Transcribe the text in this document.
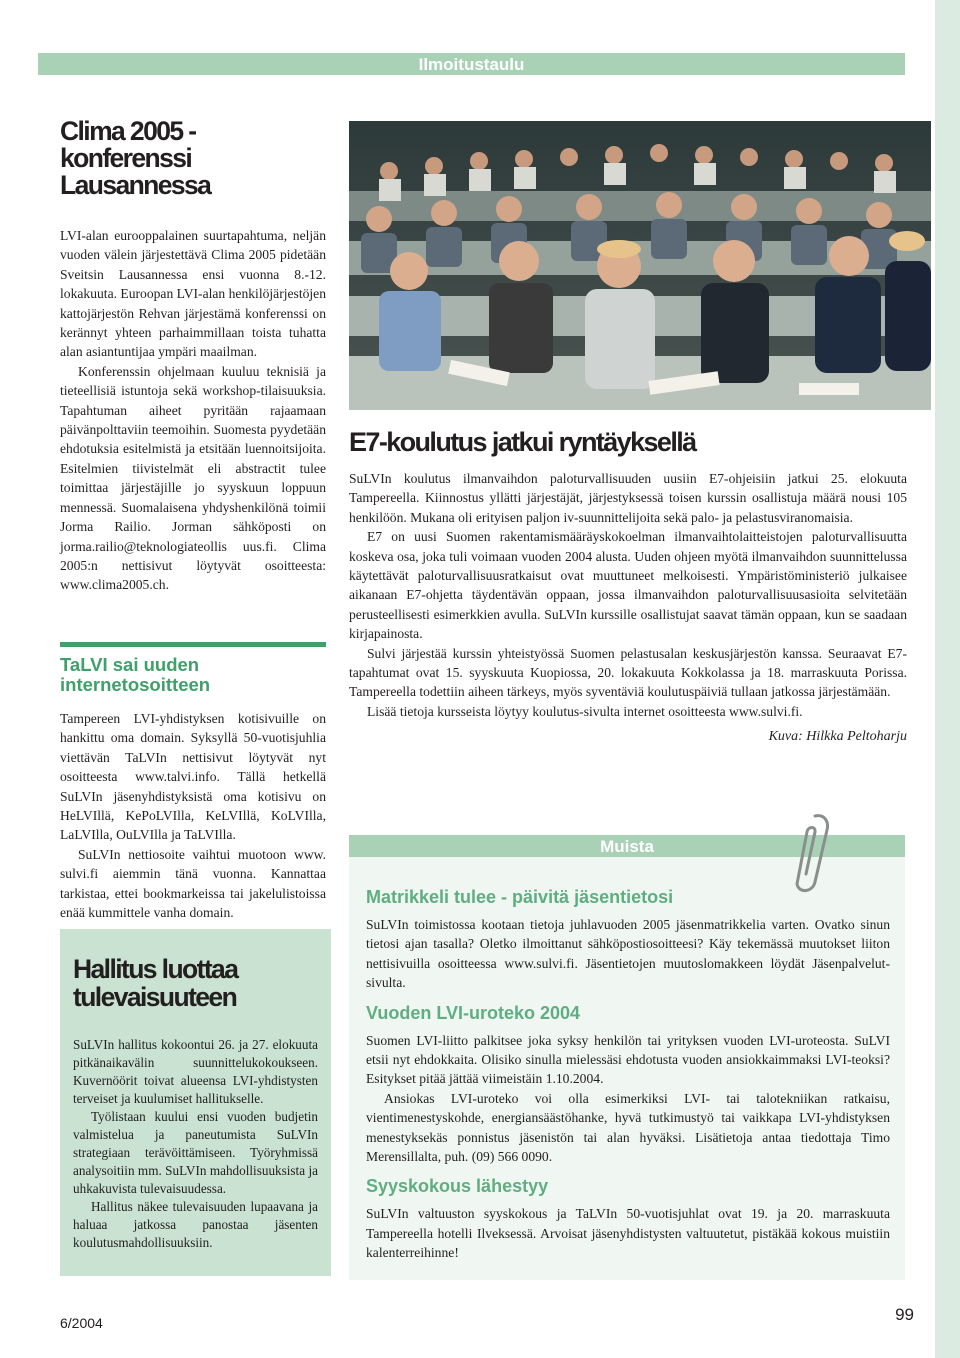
Ilmoitustaulu
Clima 2005 - konferenssi Lausannessa

LVI-alan eurooppalainen suurtapahtuma, neljän vuoden välein järjestettävä Clima 2005 pidetään Sveitsin Lausannessa ensi vuonna 8.-12. lokakuuta. Euroopan LVI-alan henkilöjärjestöjen kattojärjestön Rehvan järjestämä konferenssi on kerännyt yhteen parhaimmillaan toista tuhatta alan asiantuntijaa ympäri maailman.

Konferenssin ohjelmaan kuuluu teknisiä ja tieteellisiä istuntoja sekä workshop-tilaisuuksia. Tapahtuman aiheet pyritään rajaamaan päivänpolttaviin teemoihin. Suomesta pyydetään ehdotuksia esitelmistä ja etsitään luennoitsijoita. Esitelmien tiivistelmät eli abstractit tulee toimittaa järjestäjille jo syyskuun loppuun mennessä. Suomalaisena yhdyshenkilönä toimii Jorma Railio. Jorman sähköposti on jorma.railio@teknologiateollis uus.fi. Clima 2005:n nettisivut löytyvät osoitteesta: www.clima2005.ch.

TaLVI sai uuden internetosoitteen

Tampereen LVI-yhdistyksen kotisivuille on hankittu oma domain. Syksyllä 50-vuotisjuhlia viettävän TaLVIn nettisivut löytyvät nyt osoitteesta www.talvi.info. Tällä hetkellä SuLVIn jäsenyhdistyksistä oma kotisivu on HeLVIllä, KePoLVIlla, KeLVIllä, KoLVIlla, LaLVIlla, OuLVIlla ja TaLVIlla.

SuLVIn nettiosoite vaihtui muotoon www. sulvi.fi aiemmin tänä vuonna. Kannattaa tarkistaa, ettei bookmarkeissa tai jakelulistoissa enää kummittele vanha domain.

Hallitus luottaa tulevaisuuteen

SuLVIn hallitus kokoontui 26. ja 27. elokuuta pitkänaikavälin suunnittelukokoukseen. Kuvernöörit toivat alueensa LVI-yhdistysten terveiset ja kuulumiset hallitukselle.

Työlistaan kuului ensi vuoden budjetin valmistelua ja paneutumista SuLVIn strategiaan terävöittämiseen. Työryhmissä analysoitiin mm. SuLVIn mahdollisuuksista ja uhkakuvista tulevaisuudessa.

Hallitus näkee tulevaisuuden lupaavana ja haluaa jatkossa panostaa jäsenten koulutusmahdollisuuksiin.

E7-koulutus jatkui ryntäyksellä

SuLVIn koulutus ilmanvaihdon paloturvallisuuden uusiin E7-ohjeisiin jatkui 25. elokuuta Tampereella. Kiinnostus yllätti järjestäjät, järjestyksessä toisen kurssin osallistuja määrä nousi 105 henkilöön. Mukana oli erityisen paljon iv-suunnittelijoita sekä palo- ja pelastusviranomaisia.

E7 on uusi Suomen rakentamismääräyskokoelman ilmanvaihtolaitteistojen paloturvallisuutta koskeva osa, joka tuli voimaan vuoden 2004 alusta. Uuden ohjeen myötä ilmanvaihdon suunnittelussa käytettävät paloturvallisuusratkaisut ovat muuttuneet melkoisesti. Ympäristöministeriö julkaisee aikanaan E7-ohjetta täydentävän oppaan, jossa ilmanvaihdon paloturvallisuusasioita selvitetään perusteellisesti esimerkkien avulla. SuLVIn kurssille osallistujat saavat tämän oppaan, kun se saadaan kirjapainosta.

Sulvi järjestää kurssin yhteistyössä Suomen pelastusalan keskusjärjestön kanssa. Seuraavat E7-tapahtumat ovat 15. syyskuuta Kuopiossa, 20. lokakuuta Kokkolassa ja 18. marraskuuta Porissa. Tampereella todettiin aiheen tärkeys, myös syventäviä koulutuspäiviä tullaan jatkossa järjestämään.

Lisää tietoja kursseista löytyy koulutus-sivulta internet osoitteesta www.sulvi.fi.

Kuva: Hilkka Peltoharju

Matrikkeli tulee - päivitä jäsentietosi

SuLVIn toimistossa kootaan tietoja juhlavuoden 2005 jäsenmatrikkelia varten. Ovatko sinun tietosi ajan tasalla? Oletko ilmoittanut sähköpostiosoitteesi? Käy tekemässä muutokset liiton nettisivuilla osoitteessa www.sulvi.fi. Jäsentietojen muutoslomakkeen löydät Jäsenpalvelut-sivulta.

Vuoden LVI-uroteko 2004

Suomen LVI-liitto palkitsee joka syksy henkilön tai yrityksen vuoden LVI-uroteosta. SuLVI etsii nyt ehdokkaita. Olisiko sinulla mielessäsi ehdotusta vuoden ansiokkaimmaksi LVI-teoksi? Esitykset pitää jättää viimeistäin 1.10.2004.

Ansiokas LVI-uroteko voi olla esimerkiksi LVI- tai talotekniikan ratkaisu, vientimenestyskohde, energiansäästöhanke, hyvä tutkimustyö tai vaikkapa LVI-yhdistyksen menestyksekäs ponnistus jäsenistön tai alan hyväksi. Lisätietoja antaa tiedottaja Timo Merensillalta, puh. (09) 566 0090.

Syyskokous lähestyy

SuLVIn valtuuston syyskokous ja TaLVIn 50-vuotisjuhlat ovat 19. ja 20. marraskuuta Tampereella hotelli Ilveksessä. Arvoisat jäsenyhdistysten valtuutetut, pistäkää kokous muistiin kalenterreihinne!

Muista
6/2004	99
